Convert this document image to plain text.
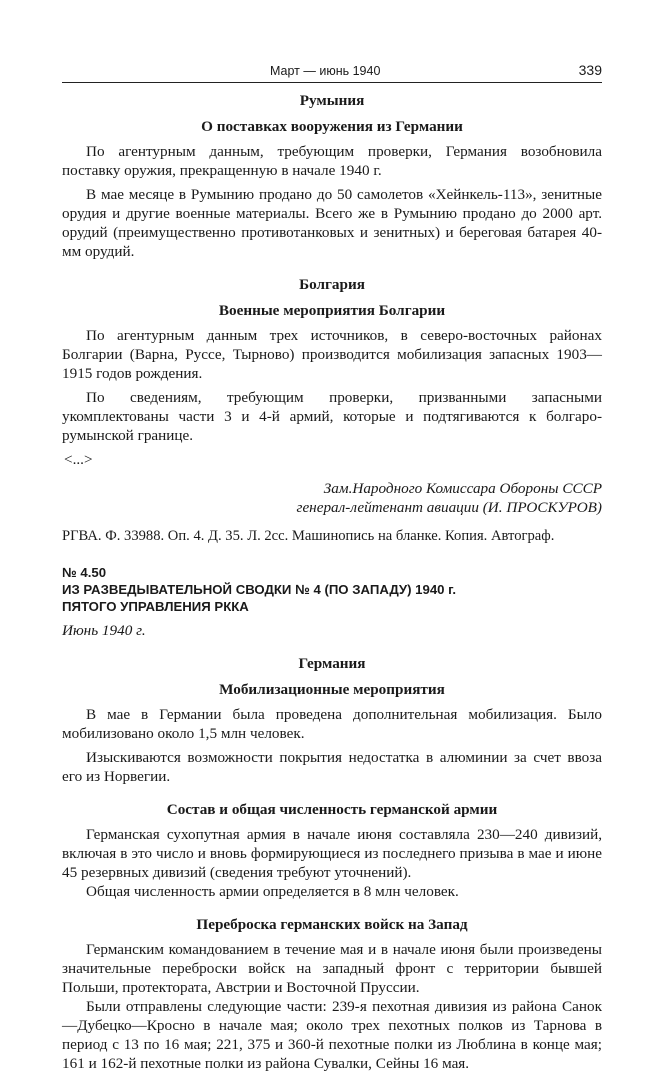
Март — июнь 1940	339
Румыния
О поставках вооружения из Германии

По агентурным данным, требующим проверки, Германия возобновила поставку оружия, прекращенную в начале 1940 г.

В мае месяце в Румынию продано до 50 самолетов «Хейнкель-113», зенитные орудия и другие военные материалы. Всего же в Румынию продано до 2000 арт. орудий (преимущественно противотанковых и зенитных) и береговая батарея 40-мм орудий.

Болгария
Военные мероприятия Болгарии

По агентурным данным трех источников, в северо-восточных районах Болгарии (Варна, Руссе, Тырново) производится мобилизация запасных 1903—1915 годов рождения.

По сведениям, требующим проверки, призванными запасными укомплектованы части 3 и 4-й армий, которые и подтягиваются к болгаро-румынской границе.

<...>

Зам.Народного Комиссара Обороны СССР
генерал-лейтенант авиации (И. ПРОСКУРОВ)

РГВА. Ф. 33988. Оп. 4. Д. 35. Л. 2сс. Машинопись на бланке. Копия. Автограф.

№ 4.50
ИЗ РАЗВЕДЫВАТЕЛЬНОЙ СВОДКИ № 4 (ПО ЗАПАДУ) 1940 г.
ПЯТОГО УПРАВЛЕНИЯ РККА

Июнь 1940 г.

Германия
Мобилизационные мероприятия

В мае в Германии была проведена дополнительная мобилизация. Было мобилизовано около 1,5 млн человек.

Изыскиваются возможности покрытия недостатка в алюминии за счет ввоза его из Норвегии.

Состав и общая численность германской армии

Германская сухопутная армия в начале июня составляла 230—240 дивизий, включая в это число и вновь формирующиеся из последнего призыва в мае и июне 45 резервных дивизий (сведения требуют уточнений).

Общая численность армии определяется в 8 млн человек.

Переброска германских войск на Запад

Германским командованием в течение мая и в начале июня были произведены значительные переброски войск на западный фронт с территории бывшей Польши, протектората, Австрии и Восточной Пруссии.

Были отправлены следующие части: 239-я пехотная дивизия из района Санок—Дубецко—Кросно в начале мая; около трех пехотных полков из Тарнова в период с 13 по 16 мая; 221, 375 и 360-й пехотные полки из Люблина в конце мая; 161 и 162-й пехотные полки из района Сувалки, Сейны 16 мая.
